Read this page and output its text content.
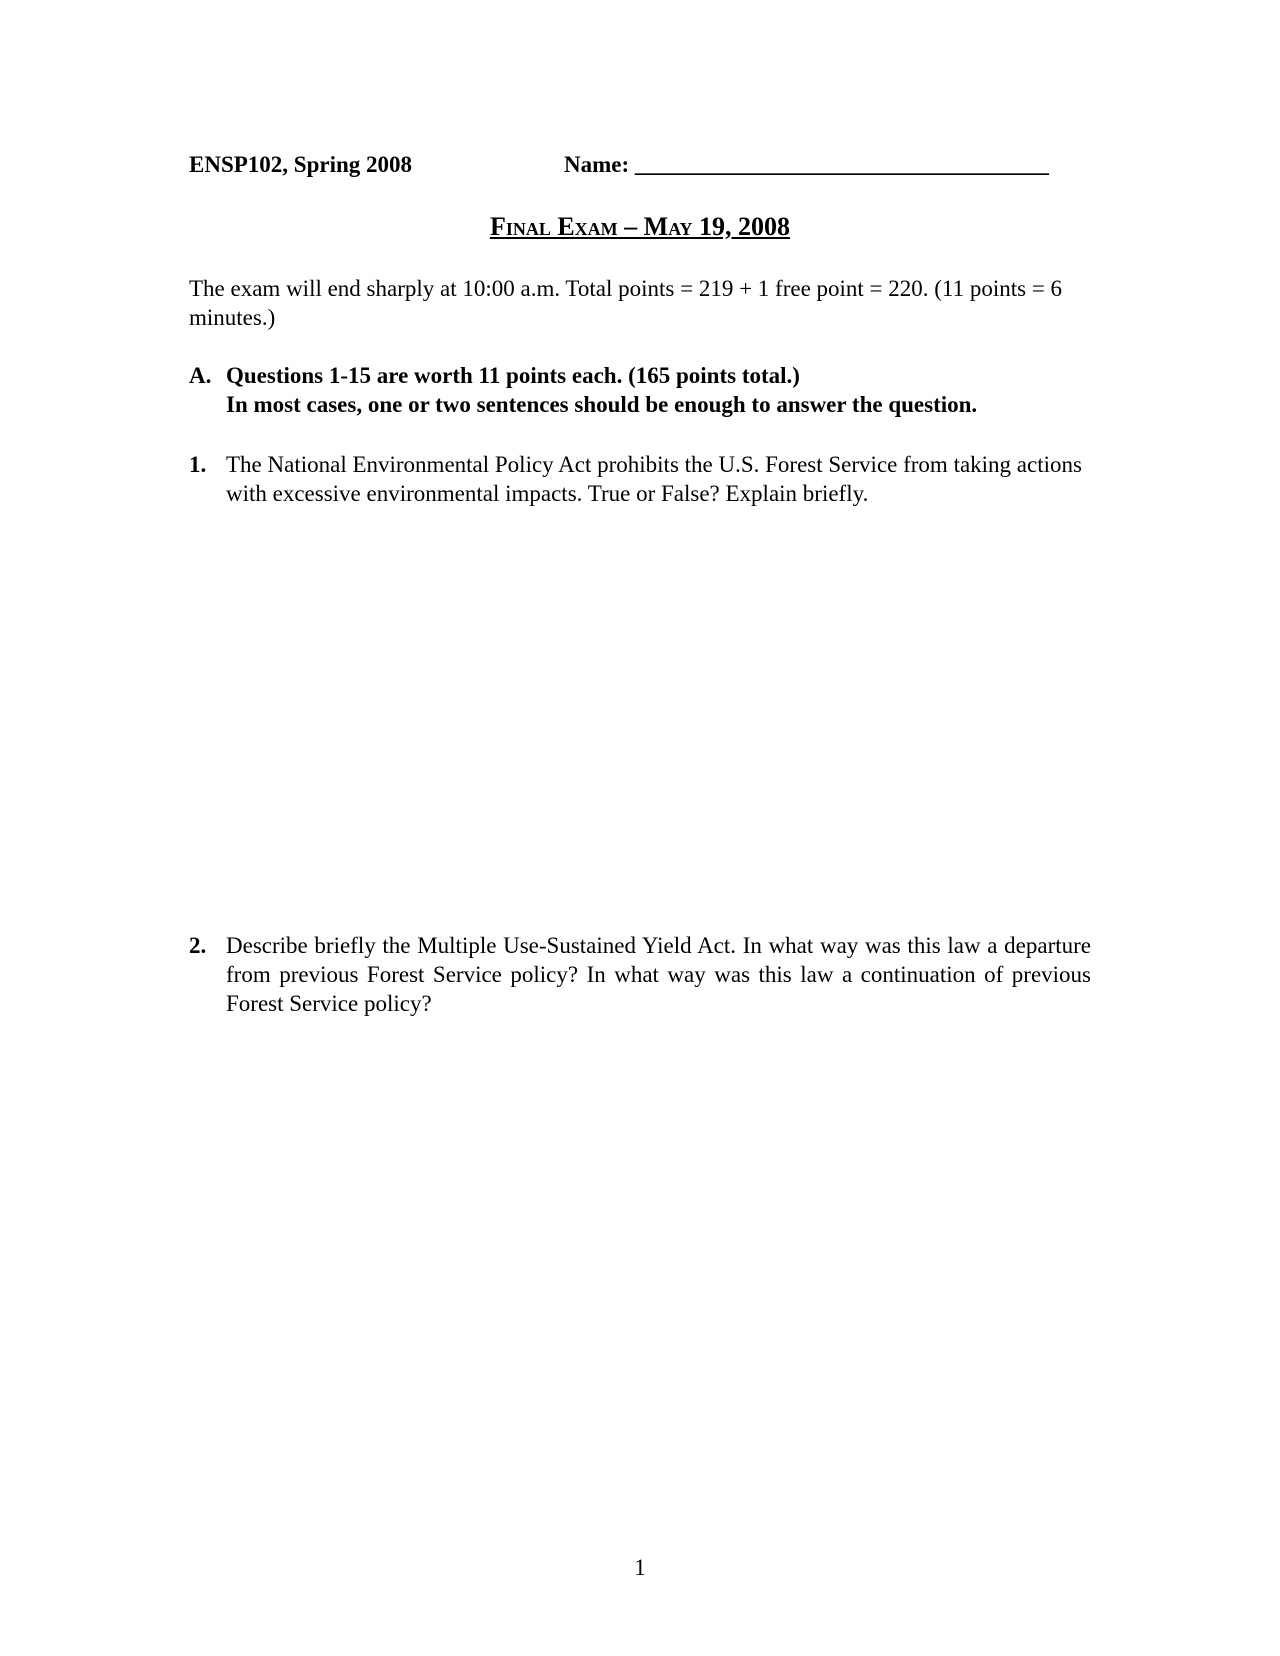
ENSP102, Spring 2008	Name: ____________________________________
Final Exam – May 19, 2008
The exam will end sharply at 10:00 a.m. Total points = 219 + 1 free point = 220. (11 points = 6 minutes.)
A. Questions 1-15 are worth 11 points each. (165 points total.)
In most cases, one or two sentences should be enough to answer the question.
1. The National Environmental Policy Act prohibits the U.S. Forest Service from taking actions with excessive environmental impacts. True or False? Explain briefly.
2. Describe briefly the Multiple Use-Sustained Yield Act. In what way was this law a departure from previous Forest Service policy? In what way was this law a continuation of previous Forest Service policy?
1
